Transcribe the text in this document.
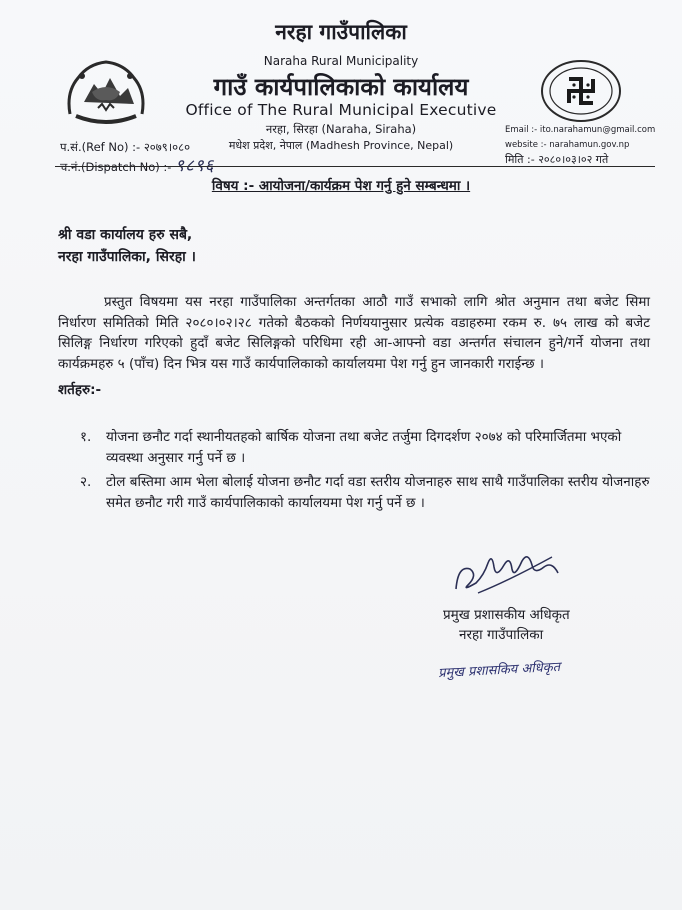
नरहा गाउँपालिका
Naraha Rural Municipality
गाउँ कार्यपालिकाको कार्यालय
Office of The Rural Municipal Executive
नरहा, सिरहा (Naraha, Siraha)
मधेश प्रदेश, नेपाल (Madhesh Province, Nepal)
प.सं.(Ref No) :- २०७९।०८०
च.नं.(Dispatch No) :- ९८९६
Email :- ito.narahamun@gmail.com
website :- narahamun.gov.np
मिति :- २०८०।०३।०२ गते
विषय :- आयोजना/कार्यक्रम पेश गर्नु हुने सम्बन्धमा ।
श्री वडा कार्यालय हरु सबै,
नरहा गाउँपालिका, सिरहा ।
प्रस्तुत विषयमा यस नरहा गाउँपालिका अन्तर्गतका आठौ गाउँ सभाको लागि श्रोत अनुमान तथा बजेट सिमा निर्धारण समितिको मिति २०८०।०२।२८ गतेको बैठकको निर्णययानुसार प्रत्येक वडाहरुमा रकम रु. ७५ लाख को बजेट सिलिङ्ग निर्धारण गरिएको हुदाँ बजेट सिलिङ्गको परिधिमा रही आ-आफ्नो वडा अन्तर्गत संचालन हुने/गर्ने योजना तथा कार्यक्रमहरु ५ (पाँच) दिन भित्र यस गाउँ कार्यपालिकाको कार्यालयमा पेश गर्नु हुन जानकारी गराईन्छ ।
शर्तहरु:-
१. योजना छनौट गर्दा स्थानीयतहको बार्षिक योजना तथा बजेट तर्जुमा दिगदर्शण २०७४ को परिमार्जितमा भएको व्यवस्था अनुसार गर्नु पर्ने छ ।
२. टोल बस्तिमा आम भेला बोलाई योजना छनौट गर्दा वडा स्तरीय योजनाहरु साथ साथै गाउँपालिका स्तरीय योजनाहरु समेत छनौट गरी गाउँ कार्यपालिकाको कार्यालयमा पेश गर्नु पर्ने छ ।
प्रमुख प्रशासकीय अधिकृत
नरहा गाउँपालिका
प्रमुख प्रशासकिय अधिकृत
